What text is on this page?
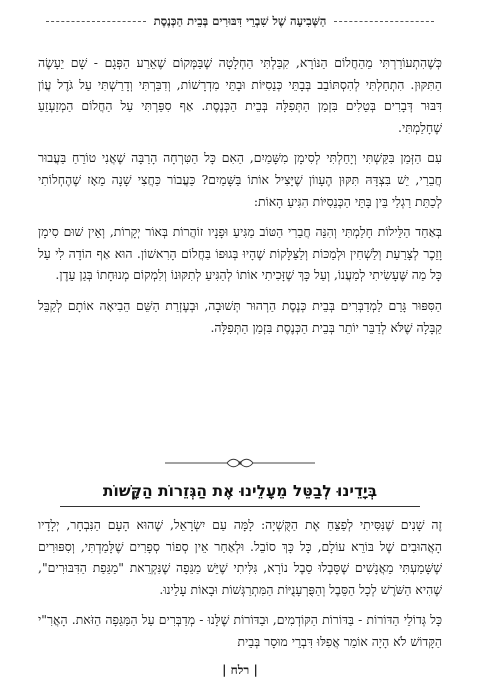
הַשְּׁבִיעָה שֶׁל שִׁבְרֵי דִּבּוּרִים בְּבֵית הַכְּנֶסֶת

כְּשֶׁהִתְעוֹרַרְתִּי מֵהַחֲלוֹם הַנּוֹרָא, קִבַּלְתִּי הַחְלָטָה שֶׁבַּמְּקוֹם שֶׁאֵרַע הַפְּגָם - שָׁם יֵעָשֶׂה הַתִּקּוּן. הִתְחַלְתִּי לְהִסְתּוֹבֵב בְּבָתֵּי כְּנֵסִיּוֹת וּבָתֵּי מִדְרָשׁוֹת, וְדִבַּרְתִּי וְדָרַשְׁתִּי עַל גֹּדֶל עֲוֹן דִּבּוּר דְּבָרִים בְּטֵלִים בִּזְמַן הַתְּפִלָּה בְּבֵית הַכְּנֶסֶת. אַף סִפַּרְתִּי עַל הַחֲלוֹם הַמְזַעְזֵעַ שֶׁחָלַמְתִּי.

עִם הַזְּמַן בִּקַּשְׁתִּי וְיָחַלְתִּי לְסִימָן מִשָּׁמַיִם, הַאִם כָּל הַטִּרְחָה הָרַבָּה שֶׁאֲנִי טוֹרֵחַ בַּעֲבוּר חֲבֵרַי, יֵשׁ בִּצְדָּהּ תִּקּוּן הֶעָווֹן שֶׁיָּצִיל אוֹתוֹ בַּשָּׁמַיִם? כַּעֲבוֹר כַּחֲצִי שָׁנָה מֵאָז שֶׁהֶחְלוֹתִי לְכַתֵּת רַגְלַי בֵּין בָּתֵּי הַכְּנֵסִיּוֹת הִגִּיעַ הָאוֹת:

בְּאַחַד הַלֵּילוֹת חָלַמְתִּי וְהִנֵּה חֲבֵרִי הַטּוֹב מַגִּיעַ וּפָנָיו זוֹהֲרוֹת בְּאוֹר יְקָרוֹת, וְאֵין שׁוּם סִימָן וָזֵכֶר לְצָרַעַת וְלַשְׁחִין וּלְמַכּוֹת וְלַצַּלָּקוֹת שֶׁהָיוּ בְּגוּפוֹ בַּחֲלוֹם הָרִאשׁוֹן. הוּא אַף הוֹדָה לִי עַל כָּל מַה שֶּׁעָשִׂיתִי לְמַעֲנוֹ, וְעַל כָּךְ שֶׁזָּכִיתִי אוֹתוֹ לְהַגִּיעַ לְתִקּוּנוֹ וְלִמְקוֹם מְנוּחָתוֹ בְּגַן עֵדֶן.

הַסִּפּוּר גָּרַם לַמְדַבְּרִים בְּבֵית כְּנֶסֶת הַרְהוּר תְּשׁוּבָה, וּבְעֶזְרַת הַשֵּׁם הֵבִיאָה אוֹתָם לְקַבֵּל קַבָּלָה שֶׁלֹּא לְדַבֵּר יוֹתֵר בְּבֵית הַכְּנֶסֶת בִּזְמַן הַתְּפִלָּה.

בְּיָדֵינוּ לְבַטֵּל מֵעָלֵינוּ אֶת הַגְּזֵרוֹת הַקָּשׁוֹת

זֶה שָׁנִים שֶׁנִּסִּיתִי לְפַצֵּחַ אֶת הַקֻּשְׁיָה: לָמָּה עַם יִשְׂרָאֵל, שֶׁהוּא הָעָם הַנִּבְחָר, יְלָדָיו הָאֲהוּבִים שֶׁל בּוֹרֵא עוֹלָם, כָּל כָּךְ סוֹבֵל. וּלְאַחַר אֵין סְפוֹר סְפָרִים שֶׁלָּמַדְתִּי, וְסִפּוּרִים שֶׁשָּׁמַעְתִּי מֵאֲנָשִׁים שֶׁסָּבְלוּ סֵבֶל נוֹרָא, גִּלִּיתִי שֶׁיֵּשׁ מַגֵּפָה שֶׁנִּקְרֵאת "מַגֵּפַת הַדִּבּוּרִים", שֶׁהִיא הַשֹּׁרֶשׁ לְכָל הַסֵּבֶל וְהַפֻּרְעָנֻיּוֹת הַמִּתְרַגְּשׁוֹת וּבָאוֹת עָלֵינוּ.

כָּל גְּדוֹלֵי הַדּוֹרוֹת - בַּדּוֹרוֹת הַקּוֹדְמִים, וּבַדּוֹרוֹת שֶׁלָּנוּ - מְדַבְּרִים עַל הַמַּגֵּפָה הַזֹּאת. הָאֲרִ"י הַקָּדוֹשׁ לֹא הָיָה אוֹמֵר אֲפִלּוּ דִּבְרֵי מוּסָר בְּבֵית

| רלח |
